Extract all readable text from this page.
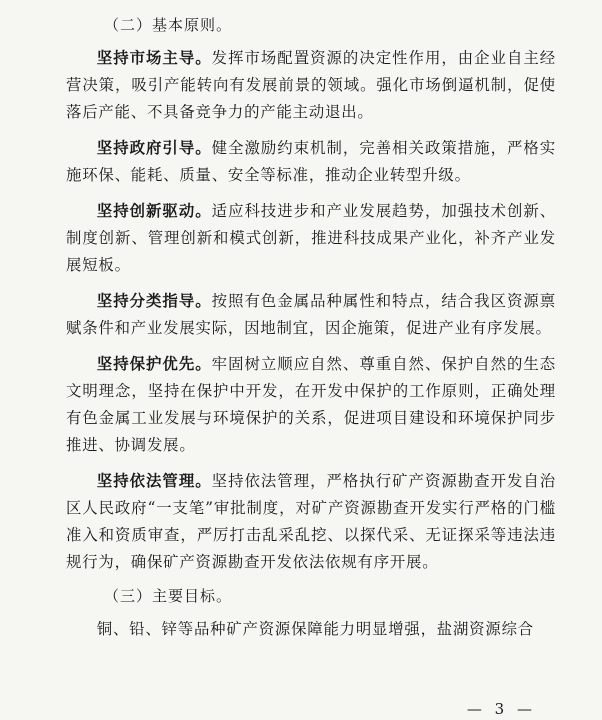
（二）基本原则。

坚持市场主导。发挥市场配置资源的决定性作用，由企业自主经营决策，吸引产能转向有发展前景的领域。强化市场倒逼机制，促使落后产能、不具备竞争力的产能主动退出。

坚持政府引导。健全激励约束机制，完善相关政策措施，严格实施环保、能耗、质量、安全等标准，推动企业转型升级。

坚持创新驱动。适应科技进步和产业发展趋势，加强技术创新、制度创新、管理创新和模式创新，推进科技成果产业化，补齐产业发展短板。

坚持分类指导。按照有色金属品种属性和特点，结合我区资源禀赋条件和产业发展实际，因地制宜，因企施策，促进产业有序发展。

坚持保护优先。牢固树立顺应自然、尊重自然、保护自然的生态文明理念，坚持在保护中开发，在开发中保护的工作原则，正确处理有色金属工业发展与环境保护的关系，促进项目建设和环境保护同步推进、协调发展。

坚持依法管理。坚持依法管理，严格执行矿产资源勘查开发自治区人民政府“一支笔”审批制度，对矿产资源勘查开发实行严格的门槛准入和资质审查，严厉打击乱采乱挖、以探代采、无证探采等违法违规行为，确保矿产资源勘查开发依法依规有序开展。

（三）主要目标。

铜、铅、锌等品种矿产资源保障能力明显增强，盐湖资源综合

— 3 —
